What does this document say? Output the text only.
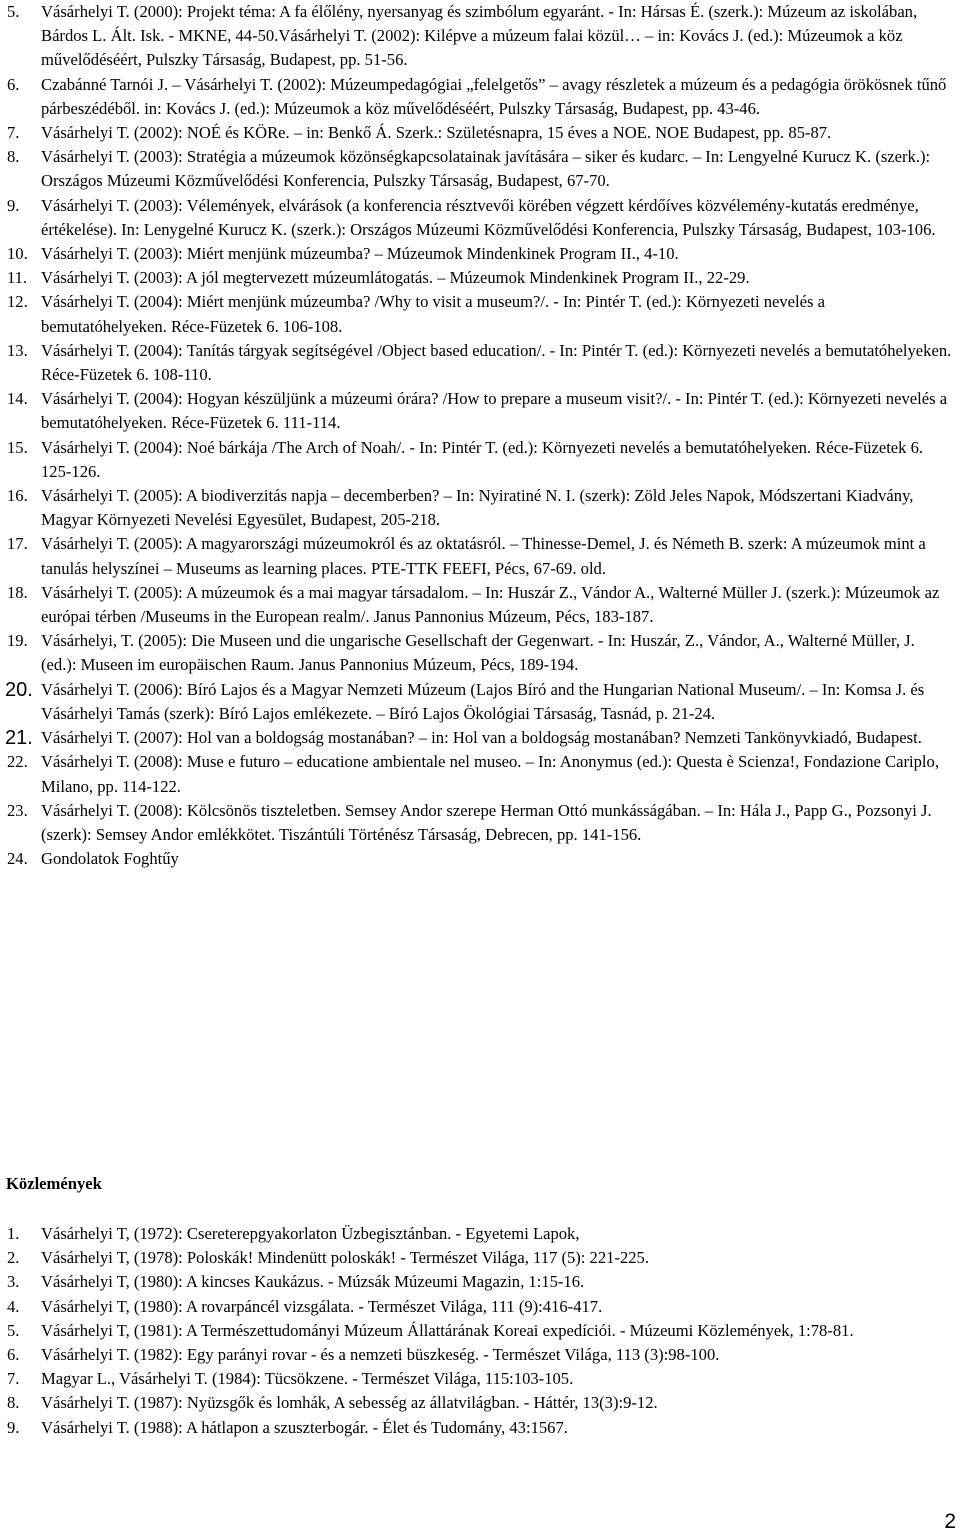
5.	Vásárhelyi T. (2000): Projekt téma: A fa élőlény, nyersanyag és szimbólum egyaránt. - In: Hársas É. (szerk.): Múzeum az iskolában, Bárdos L. Ált. Isk. - MKNE, 44-50.Vásárhelyi T. (2002): Kilépve a múzeum falai közül… – in: Kovács J. (ed.): Múzeumok a köz művelődéséért, Pulszky Társaság, Budapest, pp. 51-56.
6.	Czabánné Tarnói J. – Vásárhelyi T. (2002): Múzeumpedagógiai „felelgetős” – avagy részletek a múzeum és a pedagógia örökösnek tűnő párbeszédéből. in: Kovács J. (ed.): Múzeumok a köz művelődéséért, Pulszky Társaság, Budapest, pp. 43-46.
7.	Vásárhelyi T. (2002): NOÉ és KÖRe. – in: Benkő Á. Szerk.: Születésnapra, 15 éves a NOE. NOE Budapest, pp. 85-87.
8.	Vásárhelyi T. (2003): Stratégia a múzeumok közönségkapcsolatainak javítására – siker és kudarc. – In: Lengyelné Kurucz K. (szerk.): Országos Múzeumi Közművelődési Konferencia, Pulszky Társaság, Budapest, 67-70.
9.	Vásárhelyi T. (2003): Vélemények, elvárások (a konferencia résztvevői körében végzett kérdőíves közvélemény-kutatás eredménye, értékelése). In: Lenygelné Kurucz K. (szerk.): Országos Múzeumi Közművelődési Konferencia, Pulszky Társaság, Budapest, 103-106.
10. Vásárhelyi T. (2003): Miért menjünk múzeumba? – Múzeumok Mindenkinek Program II., 4-10.
11. Vásárhelyi T. (2003): A jól megtervezett múzeumlátogatás. – Múzeumok Mindenkinek Program II., 22-29.
12. Vásárhelyi T. (2004): Miért menjünk múzeumba? /Why to visit a museum?/. - In: Pintér T. (ed.): Környezeti nevelés a bemutatóhelyeken. Réce-Füzetek 6. 106-108.
13. Vásárhelyi T. (2004): Tanítás tárgyak segítségével /Object based education/. - In: Pintér T. (ed.): Környezeti nevelés a bemutatóhelyeken. Réce-Füzetek 6. 108-110.
14. Vásárhelyi T. (2004): Hogyan készüljünk a múzeumi órára? /How to prepare a museum visit?/. - In: Pintér T. (ed.): Környezeti nevelés a bemutatóhelyeken. Réce-Füzetek 6. 111-114.
15. Vásárhelyi T. (2004): Noé bárkája /The Arch of Noah/. - In: Pintér T. (ed.): Környezeti nevelés a bemutatóhelyeken. Réce-Füzetek 6. 125-126.
16. Vásárhelyi T. (2005): A biodiverzitás napja – decemberben? – In: Nyiratiné N. I. (szerk): Zöld Jeles Napok, Módszertani Kiadvány, Magyar Környezeti Nevelési Egyesület, Budapest, 205-218.
17. Vásárhelyi T. (2005): A magyarországi múzeumokról és az oktatásról. – Thinesse-Demel, J. és Németh B. szerk: A múzeumok mint a tanulás helyszínei – Museums as learning places. PTE-TTK FEEFI, Pécs, 67-69. old.
18. Vásárhelyi T. (2005): A múzeumok és a mai magyar társadalom. – In: Huszár Z., Vándor A., Walterné Müller J. (szerk.): Múzeumok az európai térben /Museums in the European realm/. Janus Pannonius Múzeum, Pécs, 183-187.
19. Vásárhelyi, T. (2005): Die Museen und die ungarische Gesellschaft der Gegenwart. - In: Huszár, Z., Vándor, A., Walterné Müller, J. (ed.): Museen im europäischen Raum. Janus Pannonius Múzeum, Pécs, 189-194.
20. Vásárhelyi T. (2006): Bíró Lajos és a Magyar Nemzeti Múzeum (Lajos Bíró and the Hungarian National Museum/. – In: Komsa J. és Vásárhelyi Tamás (szerk): Bíró Lajos emlékezete. – Bíró Lajos Ökológiai Társaság, Tasnád, p. 21-24.
21. Vásárhelyi T. (2007): Hol van a boldogság mostanában? – in: Hol van a boldogság mostanában? Nemzeti Tankönyvkiadó, Budapest.
22. Vásárhelyi T. (2008): Muse e futuro – educatione ambientale nel museo. – In: Anonymus (ed.): Questa è Scienza!, Fondazione Cariplo, Milano, pp. 114-122.
23. Vásárhelyi T. (2008): Kölcsönös tiszteletben. Semsey Andor szerepe Herman Ottó munkásságában. – In: Hála J., Papp G., Pozsonyi J. (szerk): Semsey Andor emlékkötet. Tiszántúli Történész Társaság, Debrecen, pp. 141-156.
24. Gondolatok Foghtűy
Közlemények
1.	Vásárhelyi T, (1972): Csereterepgyakorlaton Üzbegisztánban. - Egyetemi Lapok,
2.	Vásárhelyi T, (1978): Poloskák! Mindenütt poloskák! - Természet Világa, 117 (5): 221-225.
3.	Vásárhelyi T, (1980): A kincses Kaukázus. - Múzsák Múzeumi Magazin, 1:15-16.
4.	Vásárhelyi T, (1980): A rovarpáncél vizsgálata. - Természet Világa, 111 (9):416-417.
5.	Vásárhelyi T, (1981): A Természettudományi Múzeum Állattárának Koreai expedíciói. - Múzeumi Közlemények, 1:78-81.
6.	Vásárhelyi T. (1982): Egy parányi rovar - és a nemzeti büszkeség. - Természet Világa, 113 (3):98-100.
7.	Magyar L., Vásárhelyi T. (1984): Tücsökzene. - Természet Világa, 115:103-105.
8.	Vásárhelyi T. (1987): Nyüzsgők és lomhák, A sebesség az állatvilágban. - Háttér, 13(3):9-12.
9.	Vásárhelyi T. (1988): A hátlapon a szuszterbogár. - Élet és Tudomány, 43:1567.
2
